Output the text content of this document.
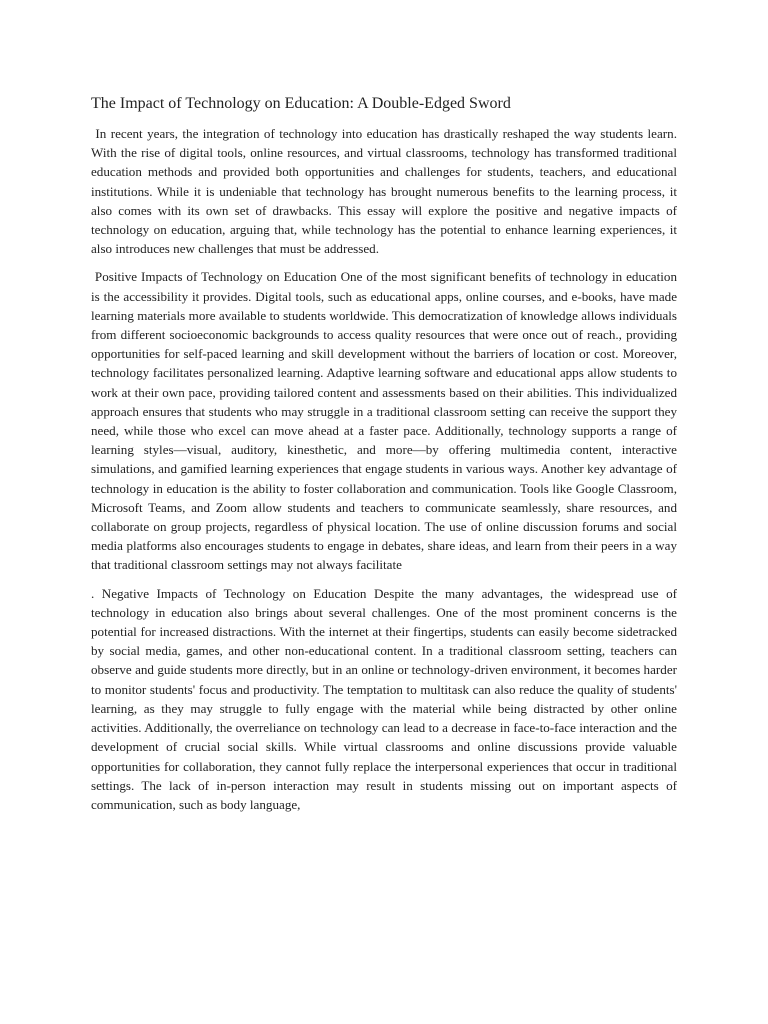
The Impact of Technology on Education: A Double-Edged Sword

In recent years, the integration of technology into education has drastically reshaped the way students learn. With the rise of digital tools, online resources, and virtual classrooms, technology has transformed traditional education methods and provided both opportunities and challenges for students, teachers, and educational institutions. While it is undeniable that technology has brought numerous benefits to the learning process, it also comes with its own set of drawbacks. This essay will explore the positive and negative impacts of technology on education, arguing that, while technology has the potential to enhance learning experiences, it also introduces new challenges that must be addressed.

Positive Impacts of Technology on Education One of the most significant benefits of technology in education is the accessibility it provides. Digital tools, such as educational apps, online courses, and e-books, have made learning materials more available to students worldwide. This democratization of knowledge allows individuals from different socioeconomic backgrounds to access quality resources that were once out of reach., providing opportunities for self-paced learning and skill development without the barriers of location or cost. Moreover, technology facilitates personalized learning. Adaptive learning software and educational apps allow students to work at their own pace, providing tailored content and assessments based on their abilities. This individualized approach ensures that students who may struggle in a traditional classroom setting can receive the support they need, while those who excel can move ahead at a faster pace. Additionally, technology supports a range of learning styles—visual, auditory, kinesthetic, and more—by offering multimedia content, interactive simulations, and gamified learning experiences that engage students in various ways. Another key advantage of technology in education is the ability to foster collaboration and communication. Tools like Google Classroom, Microsoft Teams, and Zoom allow students and teachers to communicate seamlessly, share resources, and collaborate on group projects, regardless of physical location. The use of online discussion forums and social media platforms also encourages students to engage in debates, share ideas, and learn from their peers in a way that traditional classroom settings may not always facilitate

. Negative Impacts of Technology on Education Despite the many advantages, the widespread use of technology in education also brings about several challenges. One of the most prominent concerns is the potential for increased distractions. With the internet at their fingertips, students can easily become sidetracked by social media, games, and other non-educational content. In a traditional classroom setting, teachers can observe and guide students more directly, but in an online or technology-driven environment, it becomes harder to monitor students' focus and productivity. The temptation to multitask can also reduce the quality of students' learning, as they may struggle to fully engage with the material while being distracted by other online activities. Additionally, the overreliance on technology can lead to a decrease in face-to-face interaction and the development of crucial social skills. While virtual classrooms and online discussions provide valuable opportunities for collaboration, they cannot fully replace the interpersonal experiences that occur in traditional settings. The lack of in-person interaction may result in students missing out on important aspects of communication, such as body language,
